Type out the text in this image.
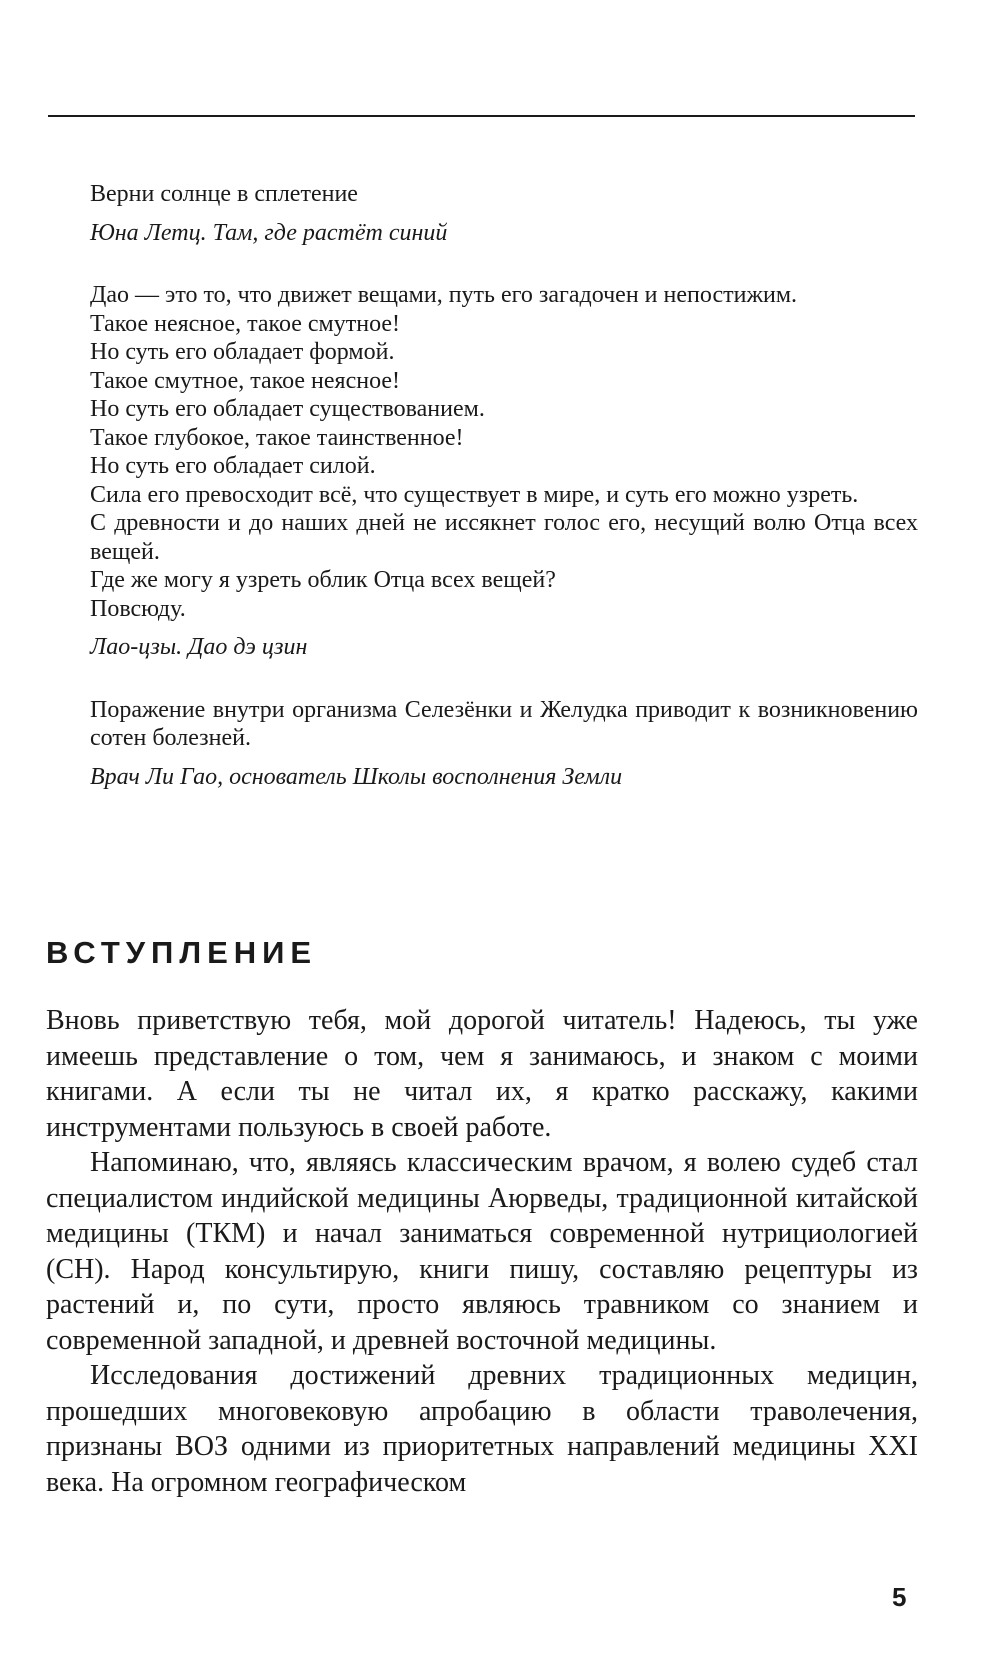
Верни солнце в сплетение

Юна Летц. Там, где растёт синий

Дао — это то, что движет вещами, путь его загадочен и непостижим.

Такое неясное, такое смутное!

Но суть его обладает формой.

Такое смутное, такое неясное!

Но суть его обладает существованием.

Такое глубокое, такое таинственное!

Но суть его обладает силой.

Сила его превосходит всё, что существует в мире, и суть его можно узреть.

С древности и до наших дней не иссякнет голос его, несущий волю Отца всех вещей.

Где же могу я узреть облик Отца всех вещей?

Повсюду.

Лао-цзы. Дао дэ цзин

Поражение внутри организма Селезёнки и Желудка приводит к возникновению сотен болезней.

Врач Ли Гао, основатель Школы восполнения Земли
ВСТУПЛЕНИЕ

Вновь приветствую тебя, мой дорогой читатель! Надеюсь, ты уже имеешь представление о том, чем я занимаюсь, и знаком с моими книгами. А если ты не читал их, я кратко расскажу, какими инструментами пользуюсь в своей работе.

Напоминаю, что, являясь классическим врачом, я волею судеб стал специалистом индийской медицины Аюрведы, традиционной китайской медицины (ТКМ) и начал заниматься современной нутрициологией (СН). Народ консультирую, книги пишу, составляю рецептуры из растений и, по сути, просто являюсь травником со знанием и современной западной, и древней восточной медицины.

Исследования достижений древних традиционных медицин, прошедших многовековую апробацию в области траволечения, признаны ВОЗ одними из приоритетных направлений медицины XXI века. На огромном географическом

5
